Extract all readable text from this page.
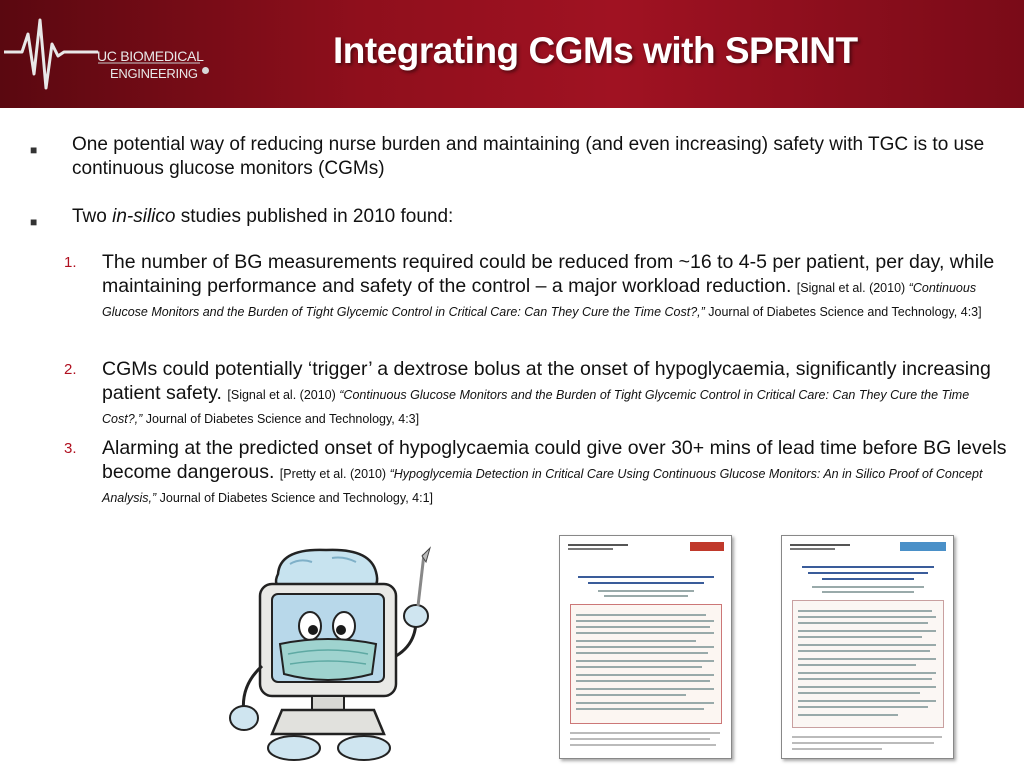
UC BIOMEDICAL
ENGINEERING
Integrating CGMs with SPRINT
■ One potential way of reducing nurse burden and maintaining (and even increasing) safety with TGC is to use continuous glucose monitors (CGMs)
■ Two in-silico studies published in 2010 found:
1. The number of BG measurements required could be reduced from ~16 to 4-5 per patient, per day, while maintaining performance and safety of the control – a major workload reduction. [Signal et al. (2010) “Continuous Glucose Monitors and the Burden of Tight Glycemic Control in Critical Care: Can They Cure the Time Cost?,” Journal of Diabetes Science and Technology, 4:3]
2. CGMs could potentially ‘trigger’ a dextrose bolus at the onset of hypoglycaemia, significantly increasing patient safety. [Signal et al. (2010) “Continuous Glucose Monitors and the Burden of Tight Glycemic Control in Critical Care: Can They Cure the Time Cost?,” Journal of Diabetes Science and Technology, 4:3]
3. Alarming at the predicted onset of hypoglycaemia could give over 30+ mins of lead time before BG levels become dangerous. [Pretty et al. (2010) “Hypoglycemia Detection in Critical Care Using Continuous Glucose Monitors: An in Silico Proof of Concept Analysis,” Journal of Diabetes Science and Technology, 4:1]
